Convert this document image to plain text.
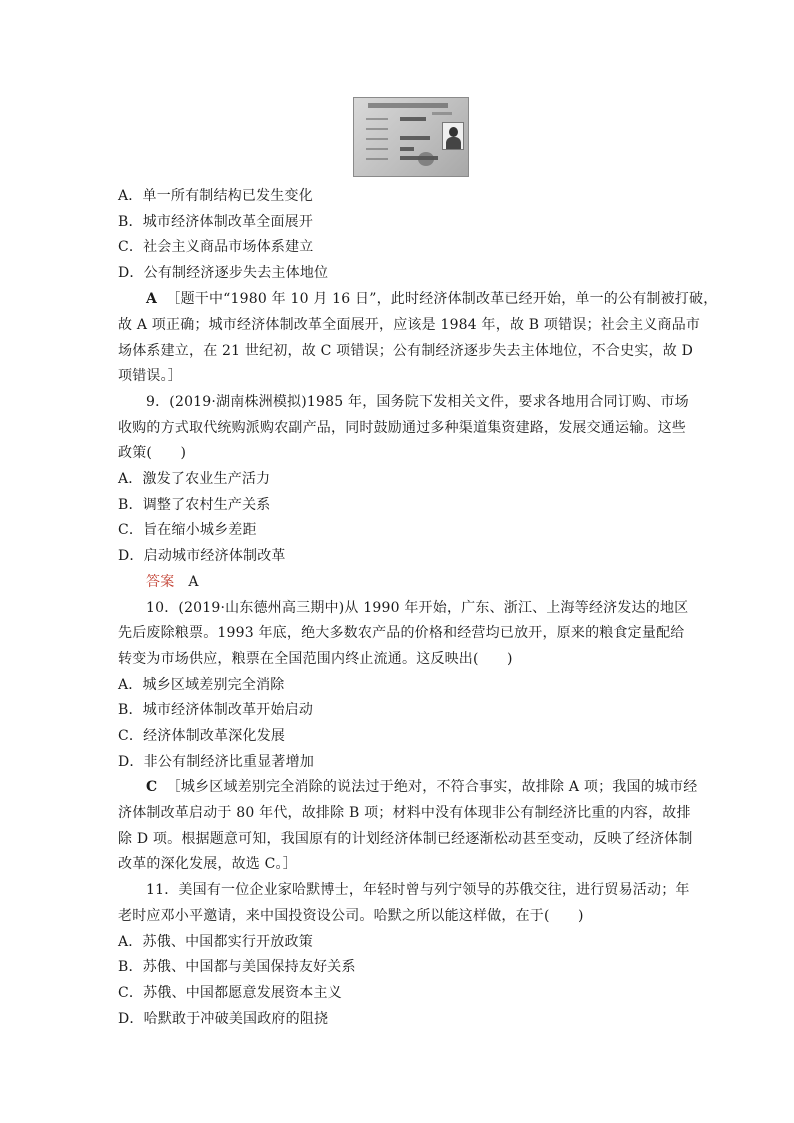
A．单一所有制结构已发生变化
B．城市经济体制改革全面展开
C．社会主义商品市场体系建立
D．公有制经济逐步失去主体地位
A ［题干中“1980 年 10 月 16 日”，此时经济体制改革已经开始，单一的公有制被打破，
故 A 项正确；城市经济体制改革全面展开，应该是 1984 年，故 B 项错误；社会主义商品市
场体系建立，在 21 世纪初，故 C 项错误；公有制经济逐步失去主体地位，不合史实，故 D
项错误。］
9．(2019·湖南株洲模拟)1985 年，国务院下发相关文件，要求各地用合同订购、市场
收购的方式取代统购派购农副产品，同时鼓励通过多种渠道集资建路，发展交通运输。这些
政策(　　)
A．激发了农业生产活力
B．调整了农村生产关系
C．旨在缩小城乡差距
D．启动城市经济体制改革
答案 A
10．(2019·山东德州高三期中)从 1990 年开始，广东、浙江、上海等经济发达的地区
先后废除粮票。1993 年底，绝大多数农产品的价格和经营均已放开，原来的粮食定量配给
转变为市场供应，粮票在全国范围内终止流通。这反映出(　　)
A．城乡区域差别完全消除
B．城市经济体制改革开始启动
C．经济体制改革深化发展
D．非公有制经济比重显著增加
C ［城乡区域差别完全消除的说法过于绝对，不符合事实，故排除 A 项；我国的城市经
济体制改革启动于 80 年代，故排除 B 项；材料中没有体现非公有制经济比重的内容，故排
除 D 项。根据题意可知，我国原有的计划经济体制已经逐渐松动甚至变动，反映了经济体制
改革的深化发展，故选 C。］
11．美国有一位企业家哈默博士，年轻时曾与列宁领导的苏俄交往，进行贸易活动；年
老时应邓小平邀请，来中国投资设公司。哈默之所以能这样做，在于(　　)
A．苏俄、中国都实行开放政策
B．苏俄、中国都与美国保持友好关系
C．苏俄、中国都愿意发展资本主义
D．哈默敢于冲破美国政府的阻挠
